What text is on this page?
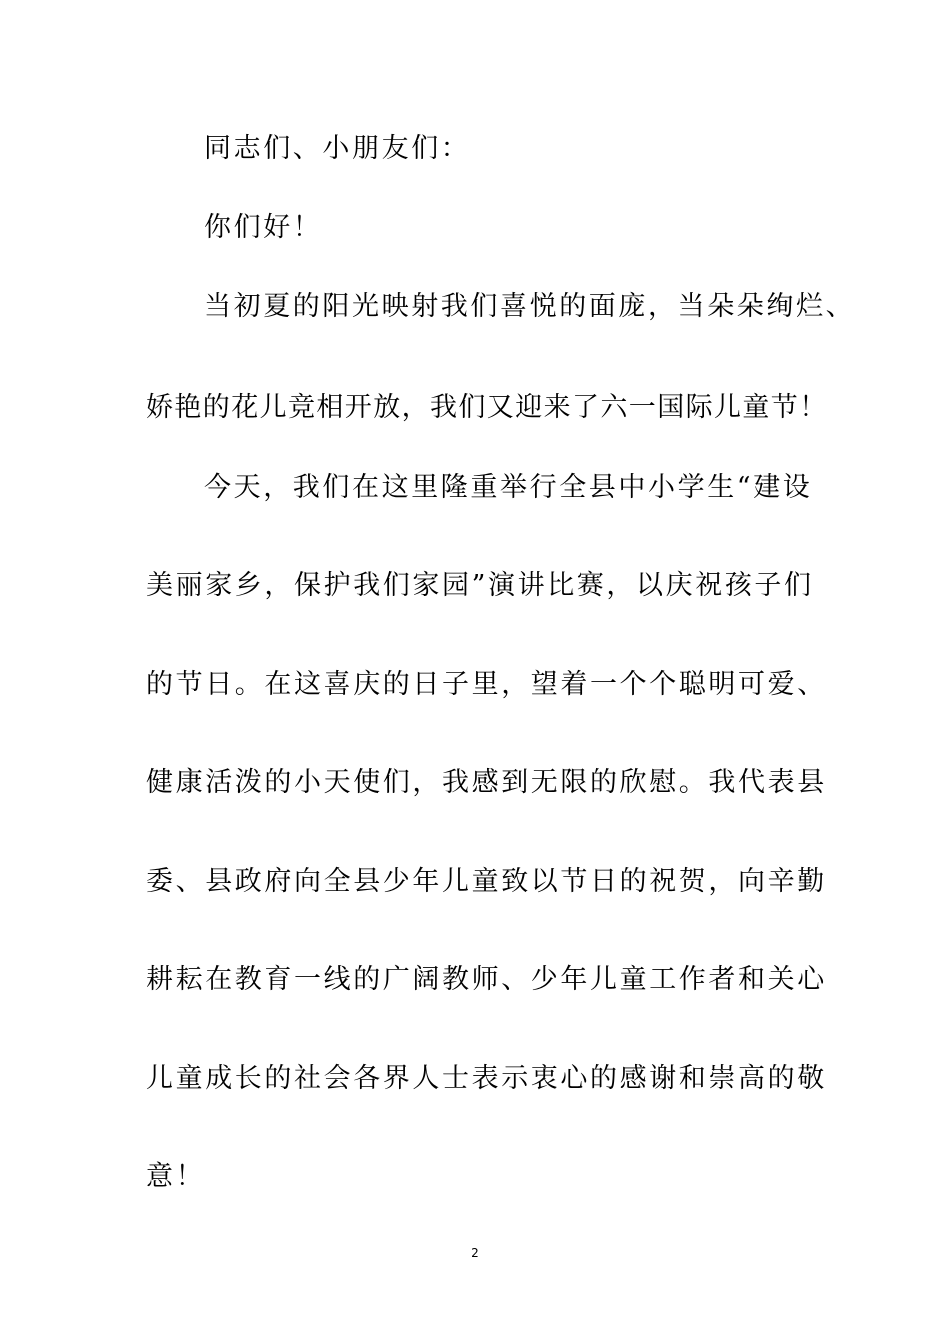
同志们、小朋友们：
你们好！
当初夏的阳光映射我们喜悦的面庞，当朵朵绚烂、
娇艳的花儿竞相开放，我们又迎来了六一国际儿童节！
今天，我们在这里隆重举行全县中小学生“建设
美丽家乡，保护我们家园”演讲比赛，以庆祝孩子们
的节日。在这喜庆的日子里，望着一个个聪明可爱、
健康活泼的小天使们，我感到无限的欣慰。我代表县
委、县政府向全县少年儿童致以节日的祝贺，向辛勤
耕耘在教育一线的广阔教师、少年儿童工作者和关心
儿童成长的社会各界人士表示衷心的感谢和崇高的敬
意！
2
